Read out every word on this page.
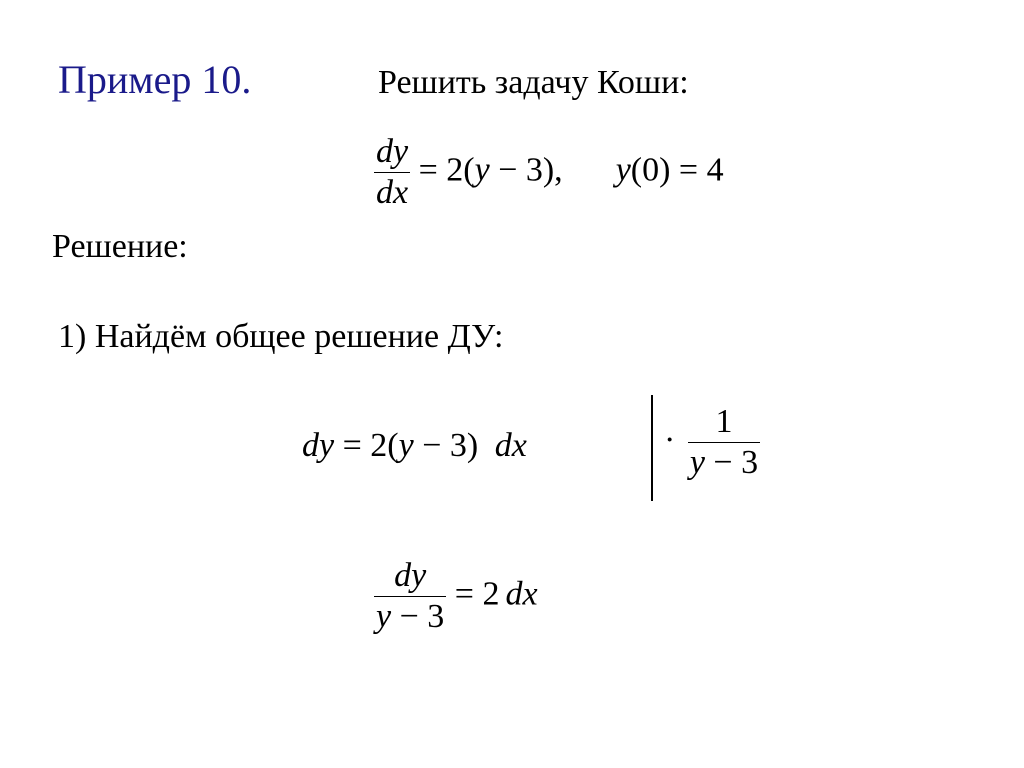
Пример 10.	Решить задачу Коши:
$\frac{dy}{dx} = 2(y - 3)$, y(0) = 4
Решение:
1) Найдём общее решение ДУ:
dy = 2(y − 3) dx	· $\frac{1}{y - 3}$
$\frac{dy}{y - 3} = 2$ dx
